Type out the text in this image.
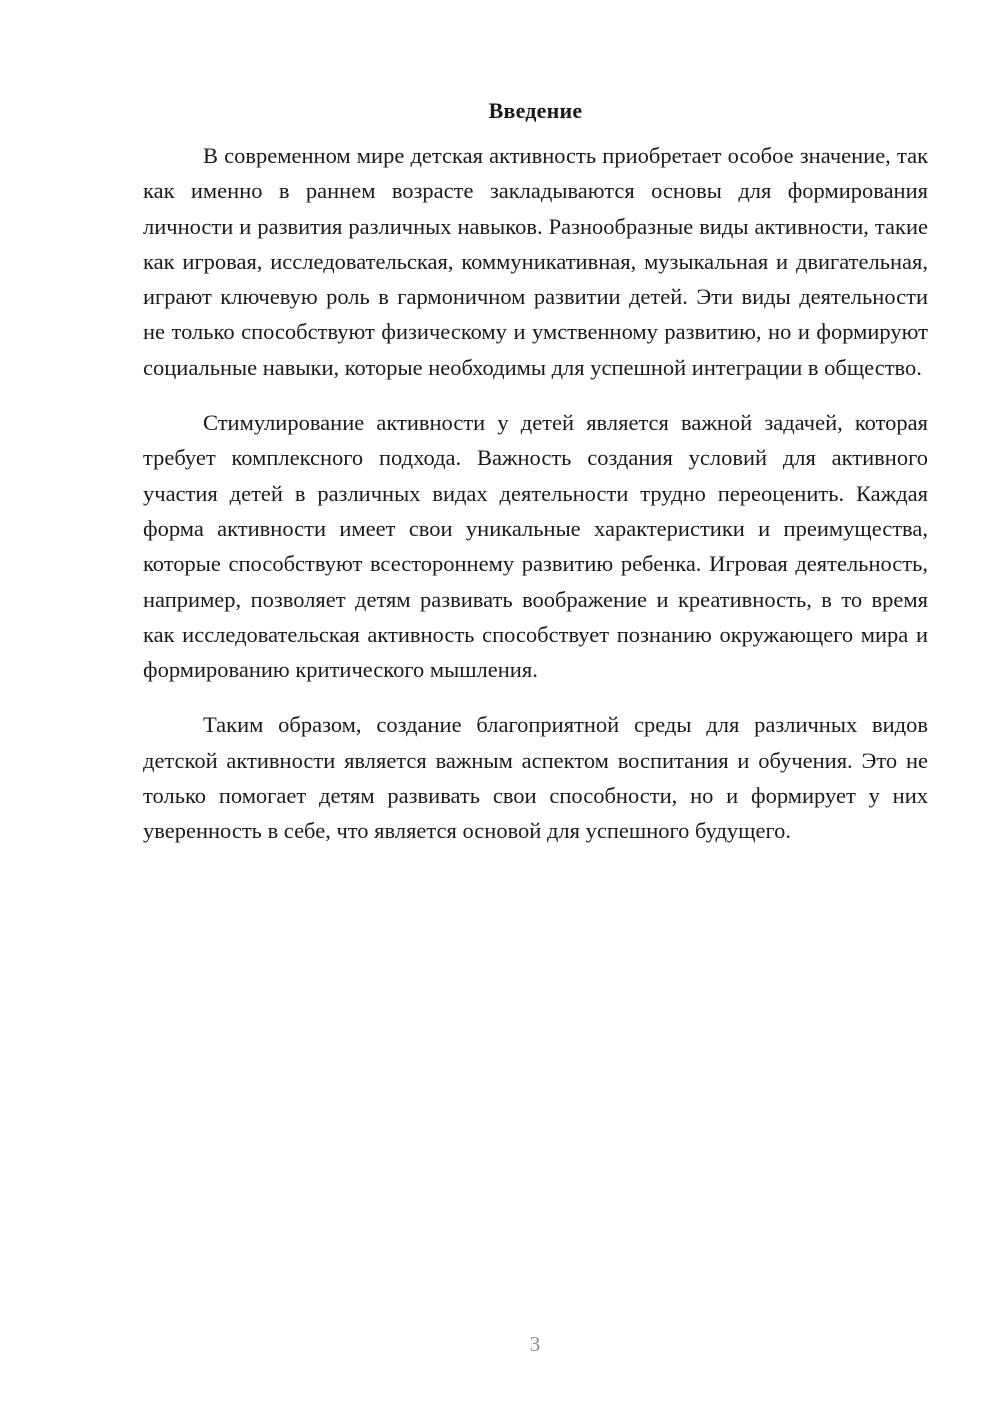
Введение

В современном мире детская активность приобретает особое значение, так как именно в раннем возрасте закладываются основы для формирования личности и развития различных навыков. Разнообразные виды активности, такие как игровая, исследовательская, коммуникативная, музыкальная и двигательная, играют ключевую роль в гармоничном развитии детей. Эти виды деятельности не только способствуют физическому и умственному развитию, но и формируют социальные навыки, которые необходимы для успешной интеграции в общество.

Стимулирование активности у детей является важной задачей, которая требует комплексного подхода. Важность создания условий для активного участия детей в различных видах деятельности трудно переоценить. Каждая форма активности имеет свои уникальные характеристики и преимущества, которые способствуют всестороннему развитию ребенка. Игровая деятельность, например, позволяет детям развивать воображение и креативность, в то время как исследовательская активность способствует познанию окружающего мира и формированию критического мышления.

Таким образом, создание благоприятной среды для различных видов детской активности является важным аспектом воспитания и обучения. Это не только помогает детям развивать свои способности, но и формирует у них уверенность в себе, что является основой для успешного будущего.

3
